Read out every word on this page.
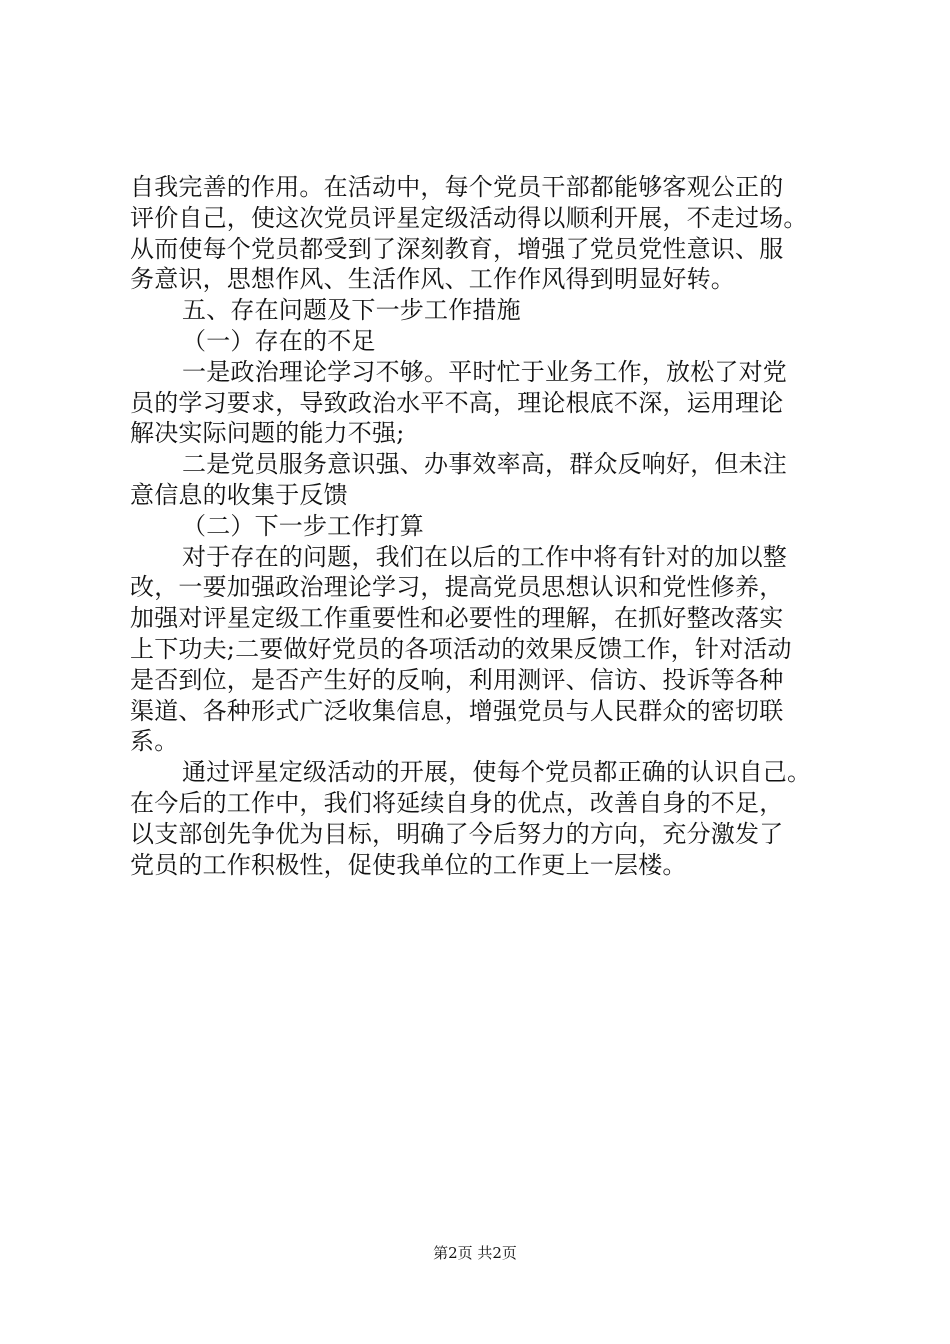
自我完善的作用。在活动中，每个党员干部都能够客观公正的
评价自己，使这次党员评星定级活动得以顺利开展，不走过场。
从而使每个党员都受到了深刻教育，增强了党员党性意识、服
务意识，思想作风、生活作风、工作作风得到明显好转。
五、存在问题及下一步工作措施
（一）存在的不足
一是政治理论学习不够。平时忙于业务工作，放松了对党
员的学习要求，导致政治水平不高，理论根底不深，运用理论
解决实际问题的能力不强;
二是党员服务意识强、办事效率高，群众反响好，但未注
意信息的收集于反馈
（二）下一步工作打算
对于存在的问题，我们在以后的工作中将有针对的加以整
改，一要加强政治理论学习，提高党员思想认识和党性修养，
加强对评星定级工作重要性和必要性的理解，在抓好整改落实
上下功夫;二要做好党员的各项活动的效果反馈工作，针对活动
是否到位，是否产生好的反响，利用测评、信访、投诉等各种
渠道、各种形式广泛收集信息，增强党员与人民群众的密切联
系。
通过评星定级活动的开展，使每个党员都正确的认识自己。
在今后的工作中，我们将延续自身的优点，改善自身的不足，
以支部创先争优为目标，明确了今后努力的方向，充分激发了
党员的工作积极性，促使我单位的工作更上一层楼。
第2页 共2页
